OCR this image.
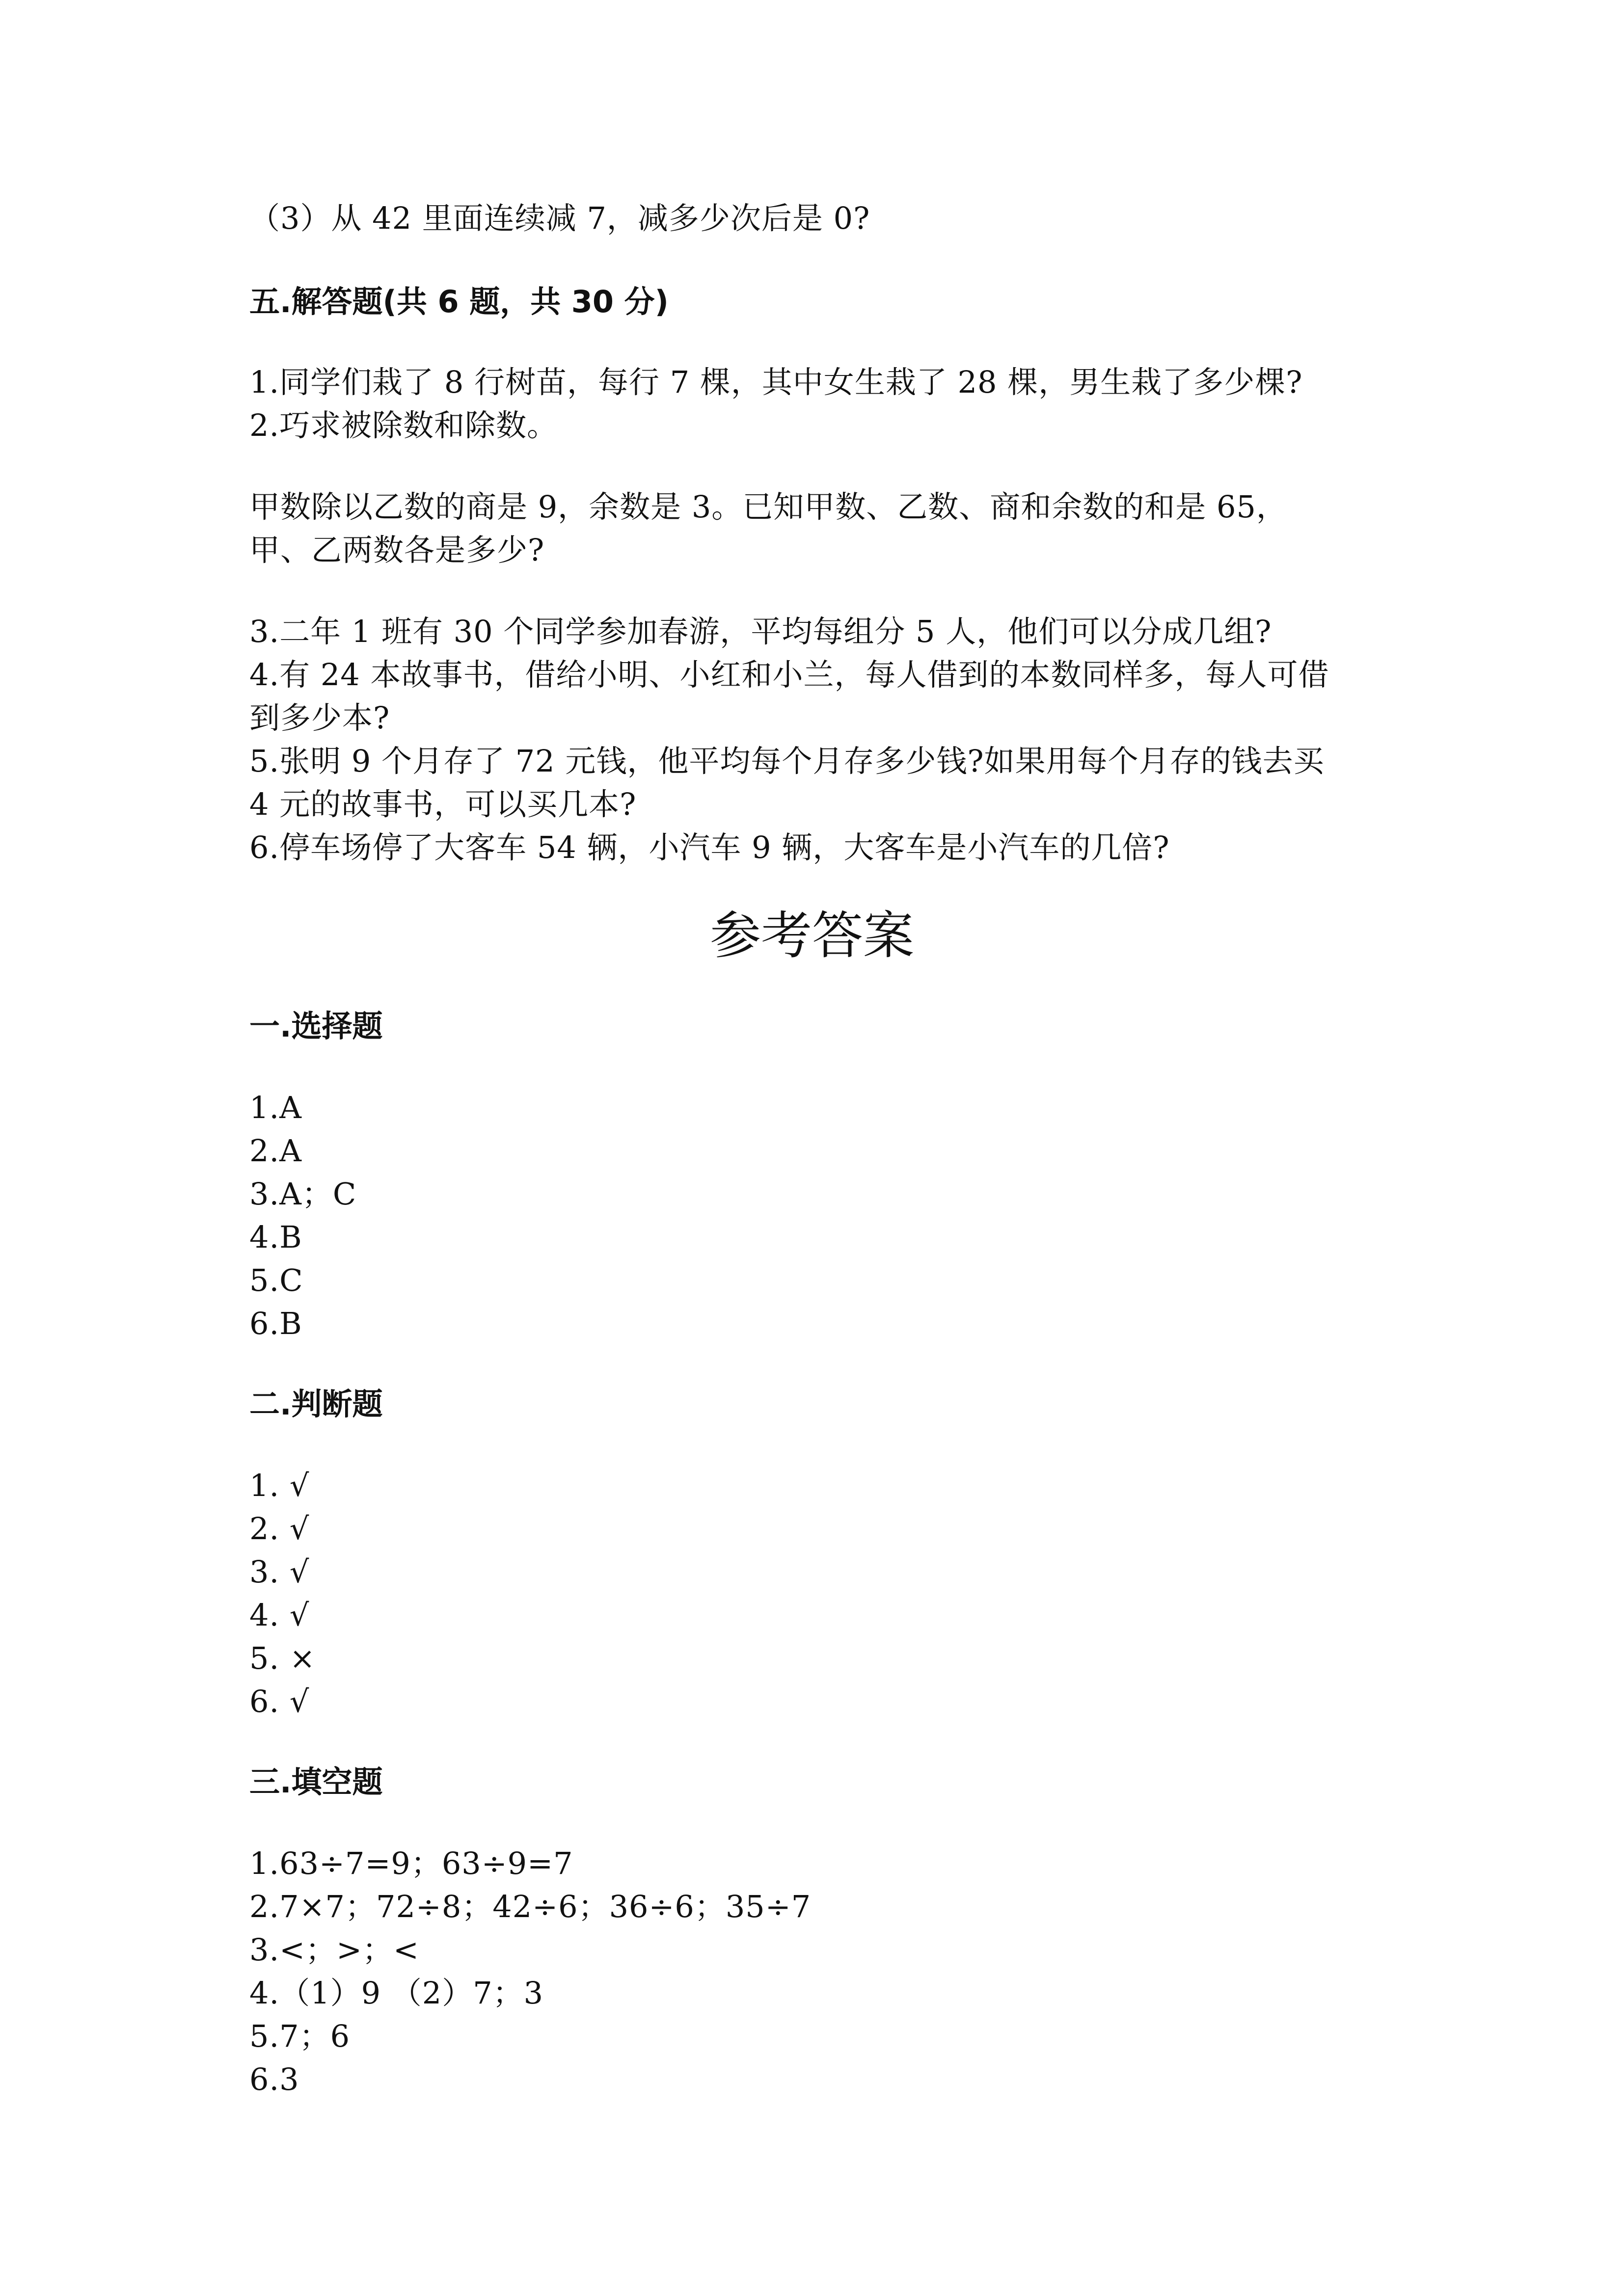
（3）从 42 里面连续减 7，减多少次后是 0?
五.解答题(共 6 题，共 30 分)
1.同学们栽了 8 行树苗，每行 7 棵，其中女生栽了 28 棵，男生栽了多少棵?
2.巧求被除数和除数。
甲数除以乙数的商是 9，余数是 3。已知甲数、乙数、商和余数的和是 65，
甲、乙两数各是多少?
3.二年 1 班有 30 个同学参加春游，平均每组分 5 人，他们可以分成几组?
4.有 24 本故事书，借给小明、小红和小兰，每人借到的本数同样多，每人可借
到多少本?
5.张明 9 个月存了 72 元钱，他平均每个月存多少钱?如果用每个月存的钱去买
4 元的故事书，可以买几本?
6.停车场停了大客车 54 辆，小汽车 9 辆，大客车是小汽车的几倍?
参考答案
一.选择题
1.A
2.A
3.A；C
4.B
5.C
6.B
二.判断题
1. √
2. √
3. √
4. √
5. ×
6. √
三.填空题
1.63÷7=9；63÷9=7
2.7×7；72÷8；42÷6；36÷6；35÷7
3.<；>；<
4.（1）9 （2）7；3
5.7；6
6.3
